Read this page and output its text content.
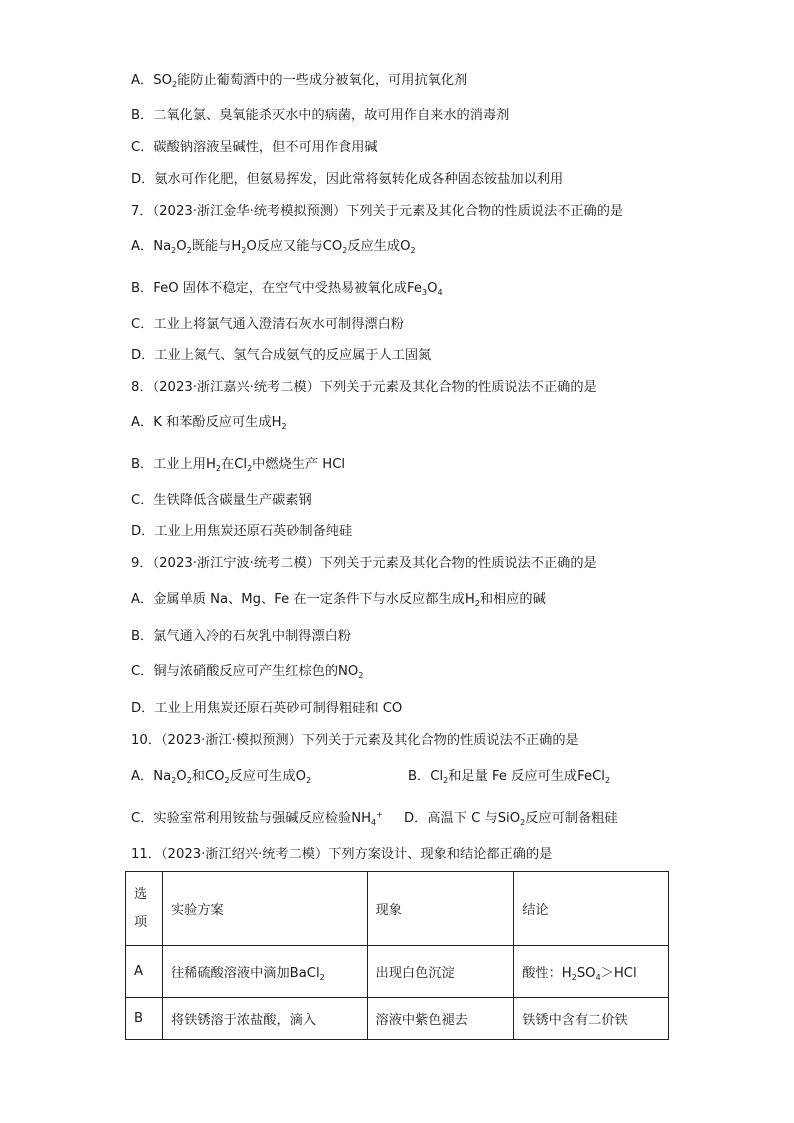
A．$SO_2$能防止葡萄酒中的一些成分被氧化，可用抗氧化剂
B．二氧化氯、臭氧能杀灭水中的病菌，故可用作自来水的消毒剂
C．碳酸钠溶液呈碱性，但不可用作食用碱
D．氨水可作化肥，但氨易挥发，因此常将氨转化成各种固态铵盐加以利用
7．（2023·浙江金华·统考模拟预测）下列关于元素及其化合物的性质说法不正确的是
A．$Na_2O_2$既能与$H_2O$反应又能与$CO_2$反应生成$O_2$
B．FeO 固体不稳定，在空气中受热易被氧化成$Fe_3O_4$
C．工业上将氯气通入澄清石灰水可制得漂白粉
D．工业上氮气、氢气合成氨气的反应属于人工固氮
8．（2023·浙江嘉兴·统考二模）下列关于元素及其化合物的性质说法不正确的是
A．K 和苯酚反应可生成$H_2$
B．工业上用$H_2$在$Cl_2$中燃烧生产 HCl
C．生铁降低含碳量生产碳素钢
D．工业上用焦炭还原石英砂制备纯硅
9．（2023·浙江宁波·统考二模）下列关于元素及其化合物的性质说法不正确的是
A．金属单质 Na、Mg、Fe 在一定条件下与水反应都生成$H_2$和相应的碱
B．氯气通入冷的石灰乳中制得漂白粉
C．铜与浓硝酸反应可产生红棕色的$NO_2$
D．工业上用焦炭还原石英砂可制得粗硅和 CO
10．（2023·浙江·模拟预测）下列关于元素及其化合物的性质说法不正确的是
A．$Na_2O_2$和$CO_2$反应可生成$O_2$	B．$Cl_2$和足量 Fe 反应可生成FeCl$_2$
C．实验室常利用铵盐与强碱反应检验$NH_4^+$ D．高温下 C 与SiO$_2$反应可制备粗硅
11．（2023·浙江绍兴·统考二模）下列方案设计、现象和结论都正确的是
选
项	实验方案	现象	结论
A	往稀硫酸溶液中滴加BaCl$_2$	出现白色沉淀	酸性：$H_2SO_4>HCl$
B	将铁锈溶于浓盐酸，滴入	溶液中紫色褪去	铁锈中含有二价铁
